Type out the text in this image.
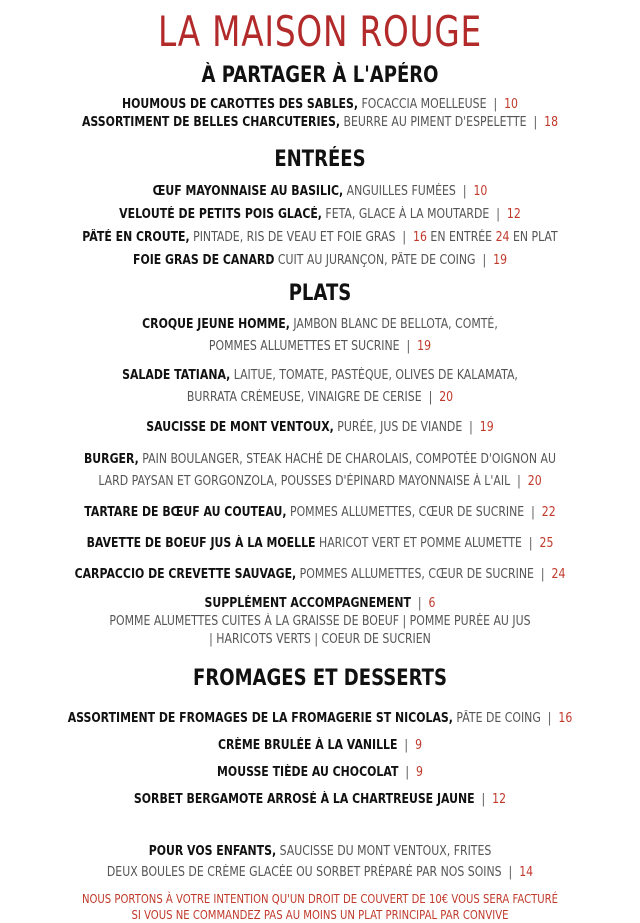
LA MAISON ROUGE
À PARTAGER À L'APÉRO
HOUMOUS DE CAROTTES DES SABLES, FOCACCIA MOELLEUSE  |  10
ASSORTIMENT DE BELLES CHARCUTERIES, BEURRE AU PIMENT D'ESPELETTE  |  18
ENTRÉES
ŒUF MAYONNAISE AU BASILIC, ANGUILLES FUMÉES  |  10
VELOUTÉ DE PETITS POIS GLACÉ, FETA, GLACE À LA MOUTARDE  |  12
PÂTÉ EN CROUTE, PINTADE, RIS DE VEAU ET FOIE GRAS  |  16 EN ENTRÉE 24 EN PLAT
FOIE GRAS DE CANARD CUIT AU JURANÇON, PÂTE DE COING  |  19
PLATS
CROQUE JEUNE HOMME, JAMBON BLANC DE BELLOTA, COMTÉ,
POMMES ALLUMETTES ET SUCRINE  |  19
SALADE TATIANA, LAITUE, TOMATE, PASTÈQUE, OLIVES DE KALAMATA,
BURRATA CRÉMEUSE, VINAIGRE DE CERISE  |  20
SAUCISSE DE MONT VENTOUX, PURÉE, JUS DE VIANDE  |  19
BURGER, PAIN BOULANGER, STEAK HACHÉ DE CHAROLAIS, COMPOTÉE D'OIGNON AU
LARD PAYSAN ET GORGONZOLA, POUSSES D'ÉPINARD MAYONNAISE À L'AIL  |  20
TARTARE DE BŒUF AU COUTEAU, POMMES ALLUMETTES, CŒUR DE SUCRINE  |  22
BAVETTE DE BOEUF JUS À LA MOELLE HARICOT VERT ET POMME ALUMETTE  |  25
CARPACCIO DE CREVETTE SAUVAGE, POMMES ALLUMETTES, CŒUR DE SUCRINE  |  24
SUPPLÉMENT ACCOMPAGNEMENT  |  6
POMME ALUMETTES CUITES À LA GRAISSE DE BOEUF | POMME PURÉE AU JUS
| HARICOTS VERTS | COEUR DE SUCRIEN
FROMAGES ET DESSERTS
ASSORTIMENT DE FROMAGES DE LA FROMAGERIE ST NICOLAS, PÂTE DE COING  |  16
CRÈME BRULÉE À LA VANILLE  |  9
MOUSSE TIÈDE AU CHOCOLAT  |  9
SORBET BERGAMOTE ARROSÉ À LA CHARTREUSE JAUNE  |  12
POUR VOS ENFANTS, SAUCISSE DU MONT VENTOUX, FRITES
DEUX BOULES DE CRÈME GLACÉE OU SORBET PRÉPARÉ PAR NOS SOINS  |  14
NOUS PORTONS À VOTRE INTENTION QU'UN DROIT DE COUVERT DE 10€ VOUS SERA FACTURÉ
SI VOUS NE COMMANDEZ PAS AU MOINS UN PLAT PRINCIPAL PAR CONVIVE
